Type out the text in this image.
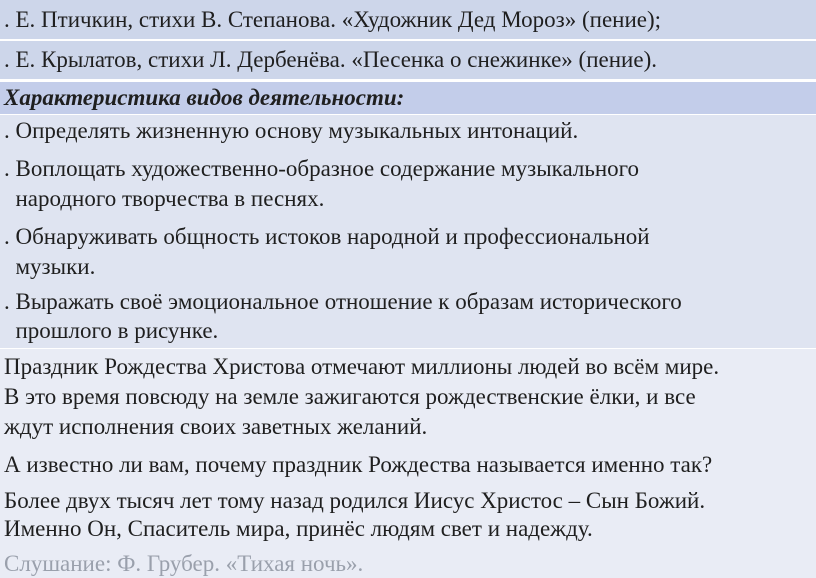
. Е. Птичкин, стихи В. Степанова. «Художник Дед Мороз» (пение);
. Е. Крылатов, стихи Л. Дербенёва. «Песенка о снежинке» (пение).
Характеристика видов деятельности:
. Определять жизненную основу музыкальных интонаций.
. Воплощать художественно-образное содержание музыкального
народного творчества в песнях.
. Обнаруживать общность истоков народной и профессиональной
музыки.
. Выражать своё эмоциональное отношение к образам исторического
прошлого в рисунке.
Праздник Рождества Христова отмечают миллионы людей во всём мире.
В это время повсюду на земле зажигаются рождественские ёлки, и все
ждут исполнения своих заветных желаний.
А известно ли вам, почему праздник Рождества называется именно так?
Более двух тысяч лет тому назад родился Иисус Христос – Сын Божий.
Именно Он, Спаситель мира, принёс людям свет и надежду.
Слушание: Ф. Грубер. «Тихая ночь».
